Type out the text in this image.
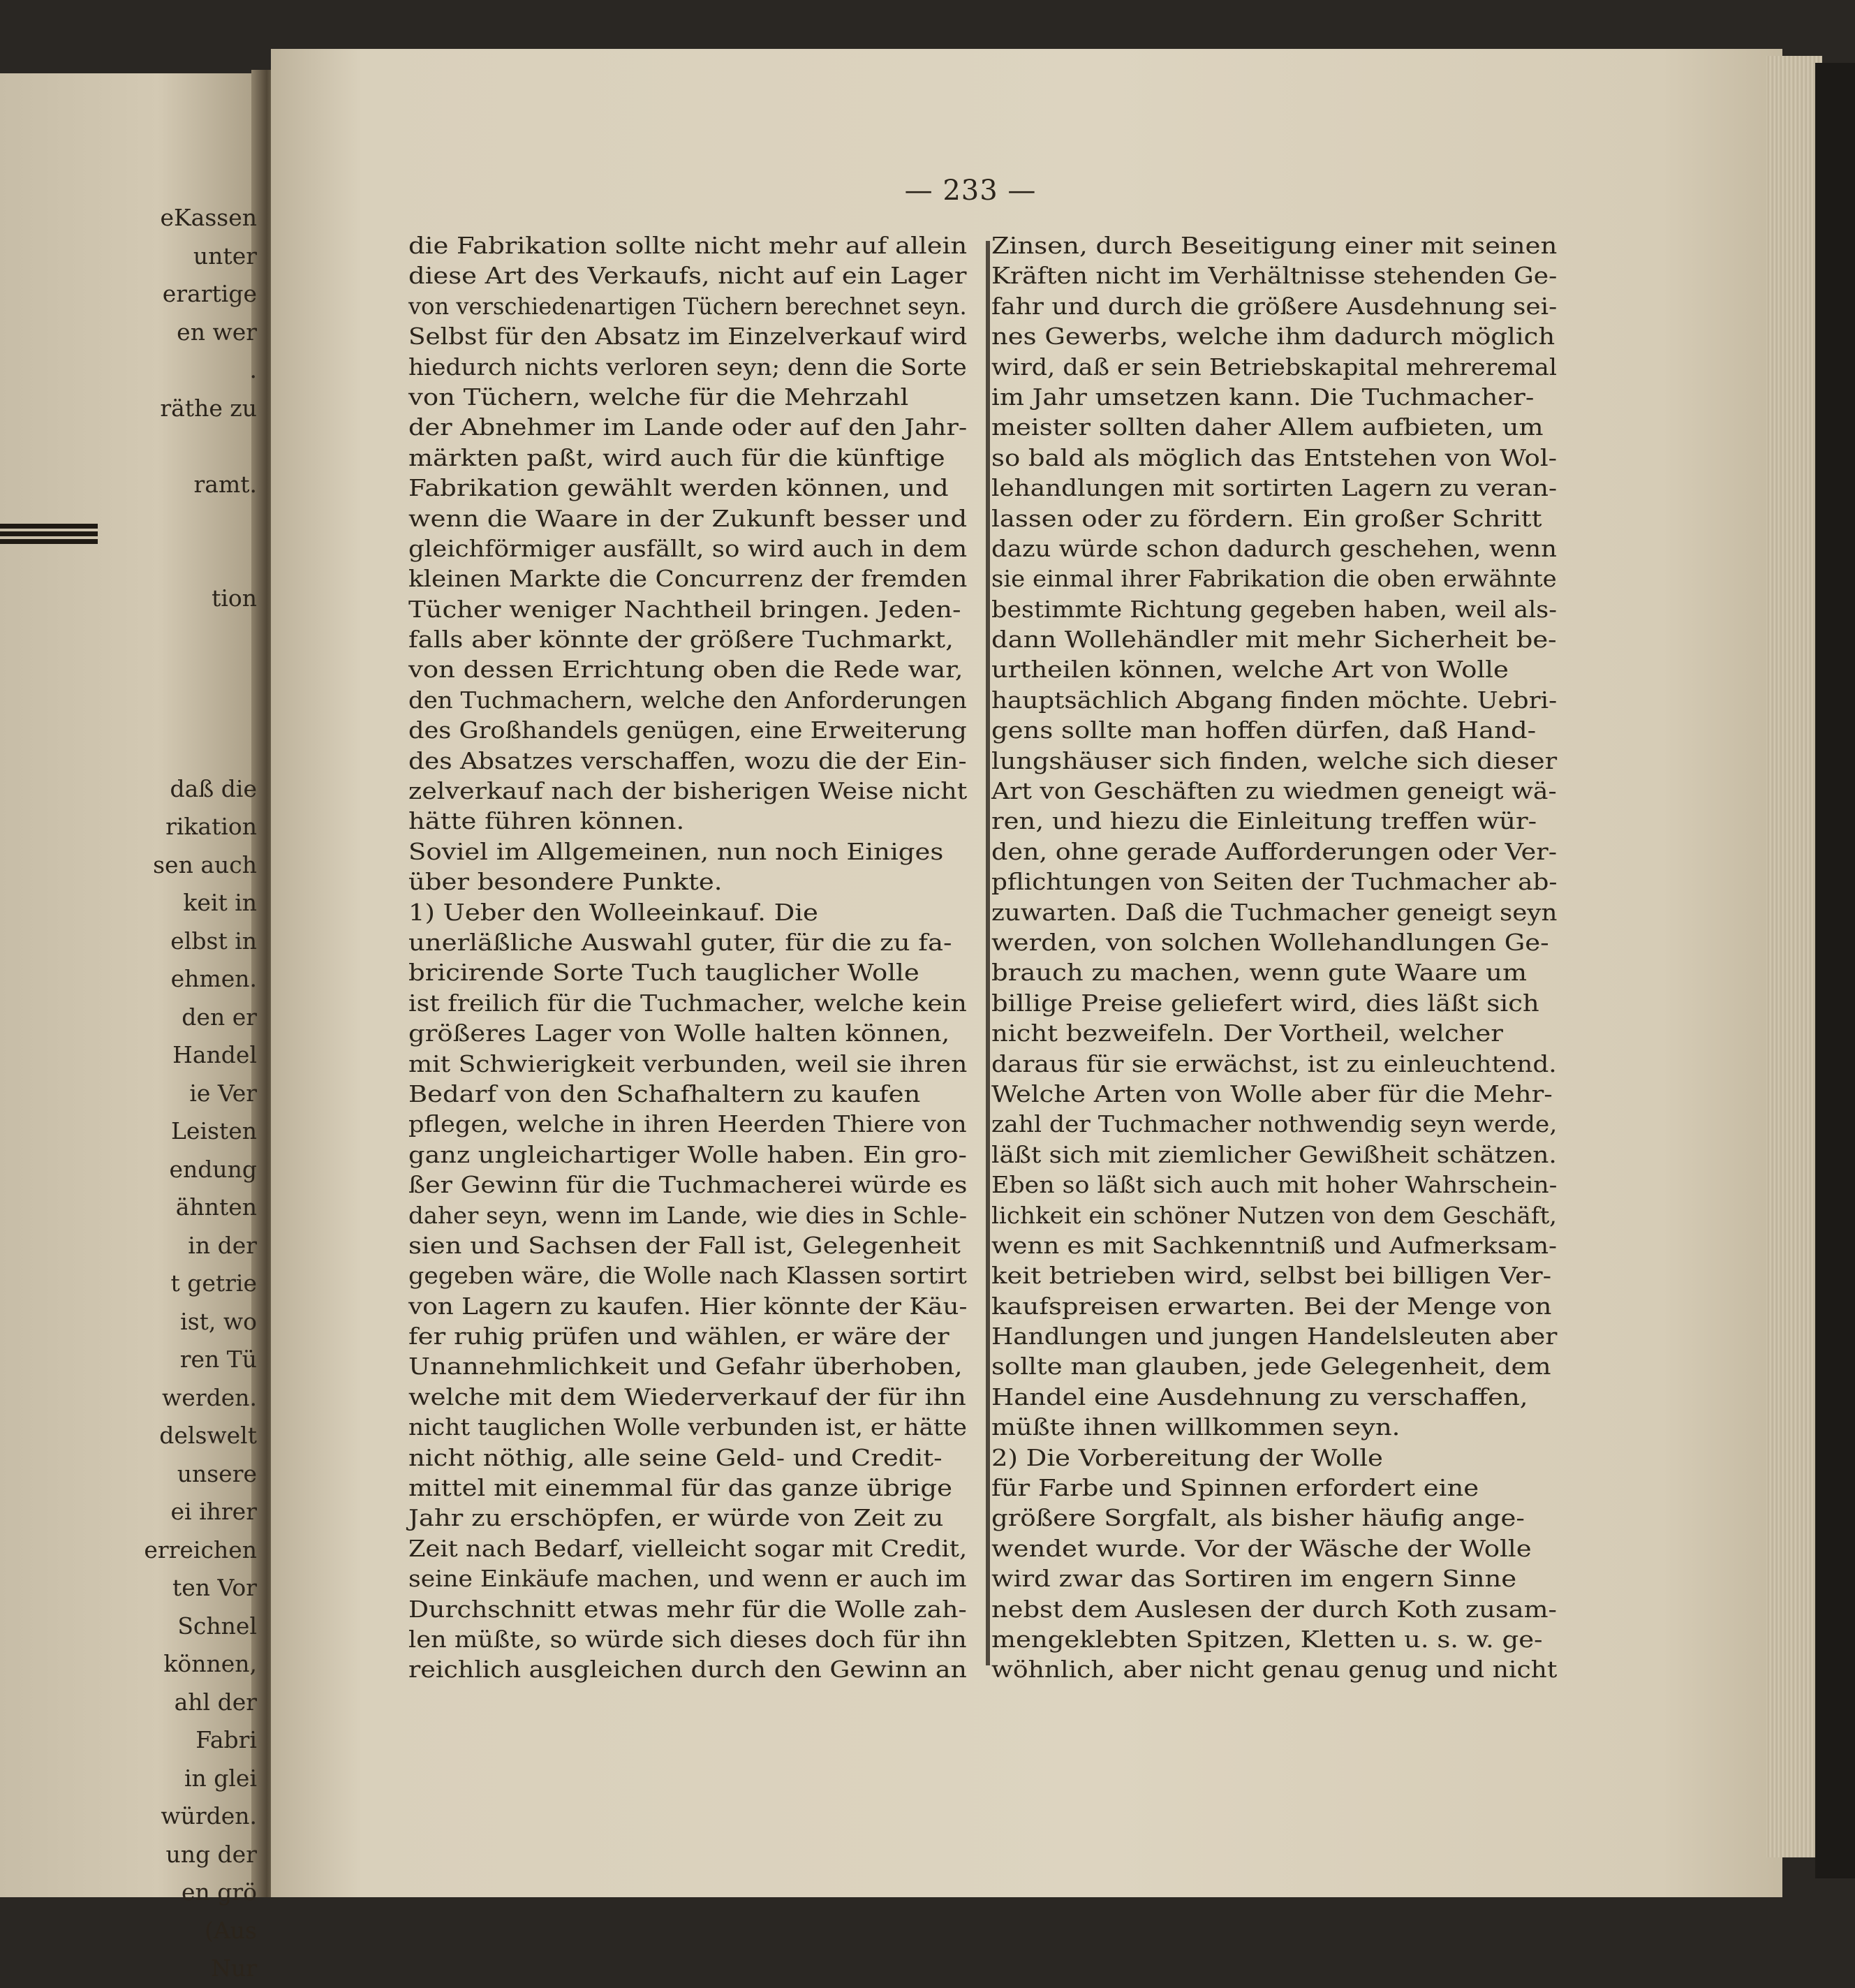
eKassen
unter
erartige
en wer
.
räthe zu
ramt.
tion
daß die
rikation
sen auch
keit in
elbst in
ehmen.
den er
Handel
ie Ver
Leisten
endung
ähnten
in der
t getrie
ist, wo
ren Tü
werden.
delswelt
unsere
ei ihrer
erreichen
ten Vor
Schnel
können,
ahl der
Fabri
in glei
würden.
ung der
en grö
(Aus
Nur
— 233 —
die Fabrikation sollte nicht mehr auf allein
diese Art des Verkaufs, nicht auf ein Lager
von verschiedenartigen Tüchern berechnet seyn.
Selbst für den Absatz im Einzelverkauf wird
hiedurch nichts verloren seyn; denn die Sorte
von Tüchern, welche für die Mehrzahl
der Abnehmer im Lande oder auf den Jahr-
märkten paßt, wird auch für die künftige
Fabrikation gewählt werden können, und
wenn die Waare in der Zukunft besser und
gleichförmiger ausfällt, so wird auch in dem
kleinen Markte die Concurrenz der fremden
Tücher weniger Nachtheil bringen. Jeden-
falls aber könnte der größere Tuchmarkt,
von dessen Errichtung oben die Rede war,
den Tuchmachern, welche den Anforderungen
des Großhandels genügen, eine Erweiterung
des Absatzes verschaffen, wozu die der Ein-
zelverkauf nach der bisherigen Weise nicht
hätte führen können.
Soviel im Allgemeinen, nun noch Einiges
über besondere Punkte.
1) Ueber den Wolleeinkauf. Die
unerläßliche Auswahl guter, für die zu fa-
bricirende Sorte Tuch tauglicher Wolle
ist freilich für die Tuchmacher, welche kein
größeres Lager von Wolle halten können,
mit Schwierigkeit verbunden, weil sie ihren
Bedarf von den Schafhaltern zu kaufen
pflegen, welche in ihren Heerden Thiere von
ganz ungleichartiger Wolle haben. Ein gro-
ßer Gewinn für die Tuchmacherei würde es
daher seyn, wenn im Lande, wie dies in Schle-
sien und Sachsen der Fall ist, Gelegenheit
gegeben wäre, die Wolle nach Klassen sortirt
von Lagern zu kaufen. Hier könnte der Käu-
fer ruhig prüfen und wählen, er wäre der
Unannehmlichkeit und Gefahr überhoben,
welche mit dem Wiederverkauf der für ihn
nicht tauglichen Wolle verbunden ist, er hätte
nicht nöthig, alle seine Geld- und Credit-
mittel mit einemmal für das ganze übrige
Jahr zu erschöpfen, er würde von Zeit zu
Zeit nach Bedarf, vielleicht sogar mit Credit,
seine Einkäufe machen, und wenn er auch im
Durchschnitt etwas mehr für die Wolle zah-
len müßte, so würde sich dieses doch für ihn
reichlich ausgleichen durch den Gewinn an
Zinsen, durch Beseitigung einer mit seinen
Kräften nicht im Verhältnisse stehenden Ge-
fahr und durch die größere Ausdehnung sei-
nes Gewerbs, welche ihm dadurch möglich
wird, daß er sein Betriebskapital mehreremal
im Jahr umsetzen kann. Die Tuchmacher-
meister sollten daher Allem aufbieten, um
so bald als möglich das Entstehen von Wol-
lehandlungen mit sortirten Lagern zu veran-
lassen oder zu fördern. Ein großer Schritt
dazu würde schon dadurch geschehen, wenn
sie einmal ihrer Fabrikation die oben erwähnte
bestimmte Richtung gegeben haben, weil als-
dann Wollehändler mit mehr Sicherheit be-
urtheilen können, welche Art von Wolle
hauptsächlich Abgang finden möchte. Uebri-
gens sollte man hoffen dürfen, daß Hand-
lungshäuser sich finden, welche sich dieser
Art von Geschäften zu wiedmen geneigt wä-
ren, und hiezu die Einleitung treffen wür-
den, ohne gerade Aufforderungen oder Ver-
pflichtungen von Seiten der Tuchmacher ab-
zuwarten. Daß die Tuchmacher geneigt seyn
werden, von solchen Wollehandlungen Ge-
brauch zu machen, wenn gute Waare um
billige Preise geliefert wird, dies läßt sich
nicht bezweifeln. Der Vortheil, welcher
daraus für sie erwächst, ist zu einleuchtend.
Welche Arten von Wolle aber für die Mehr-
zahl der Tuchmacher nothwendig seyn werde,
läßt sich mit ziemlicher Gewißheit schätzen.
Eben so läßt sich auch mit hoher Wahrschein-
lichkeit ein schöner Nutzen von dem Geschäft,
wenn es mit Sachkenntniß und Aufmerksam-
keit betrieben wird, selbst bei billigen Ver-
kaufspreisen erwarten. Bei der Menge von
Handlungen und jungen Handelsleuten aber
sollte man glauben, jede Gelegenheit, dem
Handel eine Ausdehnung zu verschaffen,
müßte ihnen willkommen seyn.
2) Die Vorbereitung der Wolle
für Farbe und Spinnen erfordert eine
größere Sorgfalt, als bisher häufig ange-
wendet wurde. Vor der Wäsche der Wolle
wird zwar das Sortiren im engern Sinne
nebst dem Auslesen der durch Koth zusam-
mengeklebten Spitzen, Kletten u. s. w. ge-
wöhnlich, aber nicht genau genug und nicht
